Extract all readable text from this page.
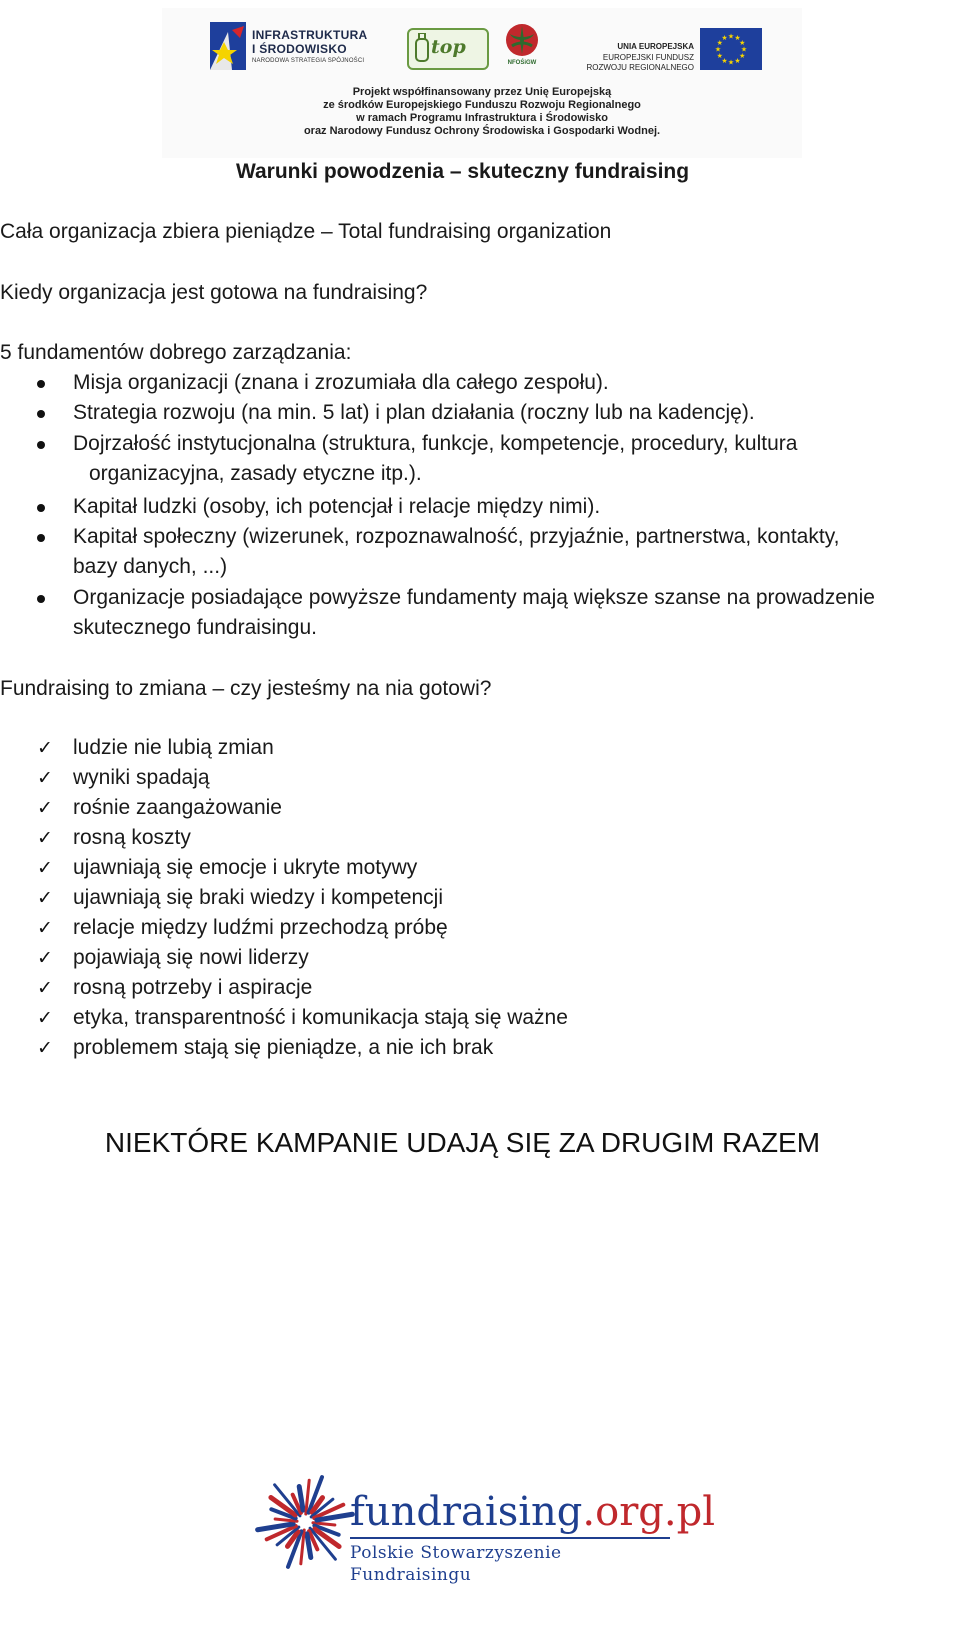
INFRASTRUKTURA
I ŚRODOWISKO
NARODOWA STRATEGIA SPÓJNOŚCI
top
NFOŚiGW
UNIA EUROPEJSKA
EUROPEJSKI FUNDUSZ
ROZWOJU REGIONALNEGO
★
★
★
★
★
★
★
★
★ ★ ★
★
Projekt współfinansowany przez Unię Europejską
ze środków Europejskiego Funduszu Rozwoju Regionalnego
w ramach Programu Infrastruktura i Środowisko
oraz Narodowy Fundusz Ochrony Środowiska i Gospodarki Wodnej.
Warunki powodzenia – skuteczny fundraising
Cała organizacja zbiera pieniądze – Total fundraising organization
Kiedy organizacja jest gotowa na fundraising?
5 fundamentów dobrego zarządzania:
Misja organizacji (znana i zrozumiała dla całego zespołu).
Strategia rozwoju (na min. 5 lat) i plan działania (roczny lub na kadencję).
Dojrzałość instytucjonalna (struktura, funkcje, kompetencje, procedury, kultura
organizacyjna, zasady etyczne itp.).
Kapitał ludzki (osoby, ich potencjał i relacje między nimi).
Kapitał społeczny (wizerunek, rozpoznawalność, przyjaźnie, partnerstwa, kontakty,
bazy danych, ...)
Organizacje posiadające powyższe fundamenty mają większe szanse na prowadzenie
skutecznego fundraisingu.
Fundraising to zmiana – czy jesteśmy na nia gotowi?
✓ ludzie nie lubią zmian
✓ wyniki spadają
✓ rośnie zaangażowanie
✓ rosną koszty
✓ ujawniają się emocje i ukryte motywy
✓ ujawniają się braki wiedzy i kompetencji
✓ relacje między ludźmi przechodzą próbę
✓ pojawiają się nowi liderzy
✓ rosną potrzeby i aspiracje
✓ etyka, transparentność i komunikacja stają się ważne
✓ problemem stają się pieniądze, a nie ich brak
NIEKTÓRE KAMPANIE UDAJĄ SIĘ ZA DRUGIM RAZEM
fundraising.org.pl
Polskie Stowarzyszenie Fundraisingu
